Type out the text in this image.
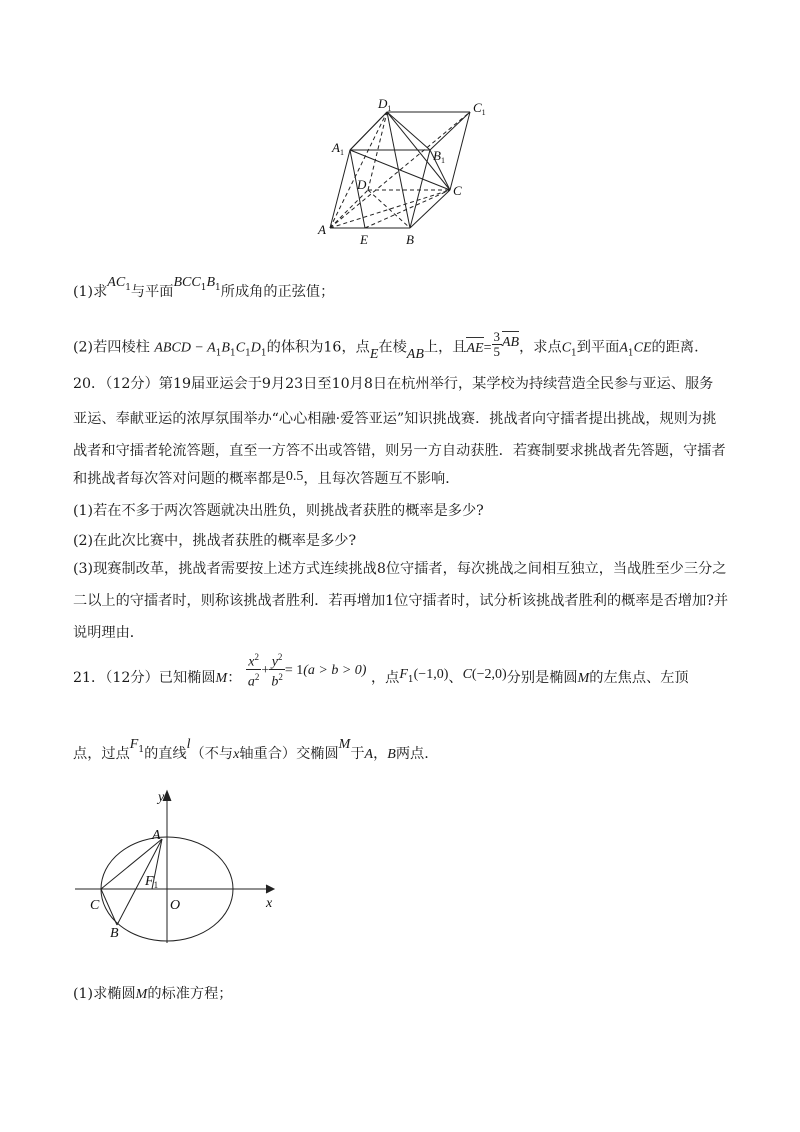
$D_1$	$C_1$
$A_1$	$B_1$
D	C
A
E	B
(1)求$AC_1$与平面$BCC_1B_1$所成角的正弦值；
(2)若四棱柱 ABCD − $A_1B_1C_1D_1$的体积为16，点E在棱AB上，且$AE= \frac{3}{5}$ AB，求点$C_1$到平面$A_1CE$的距离.
20．（12分）第19届亚运会于9月23日至10月8日在杭州举行，某学校为持续营造全民参与亚运、服务
亚运、奉献亚运的浓厚氛围举办“心心相融·爱答亚运”知识挑战赛．挑战者向守擂者提出挑战，规则为挑
战者和守擂者轮流答题，直至一方答不出或答错，则另一方自动获胜．若赛制要求挑战者先答题，守擂者
和挑战者每次答对问题的概率都是0.5，且每次答题互不影响．
(1)若在不多于两次答题就决出胜负，则挑战者获胜的概率是多少?
(2)在此次比赛中，挑战者获胜的概率是多少?
(3)现赛制改革，挑战者需要按上述方式连续挑战8位守擂者，每次挑战之间相互独立，当战胜至少三分之
二以上的守擂者时，则称该挑战者胜利．若再增加1位守擂者时，试分析该挑战者胜利的概率是否增加?并
说明理由．
21．（12分）已知椭圆M： $\frac{x^2}{a^2} + \frac{y^2}{b^2} = 1(a > b > 0)$ ，点$F_1(-1,0)$、C(−2,0)分别是椭圆M的左焦点、左顶
点，过点$F_1$的直线l（不与x轴重合）交椭圆M于A，B两点.
y
x
A
$F_1$
C	O
B
(1)求椭圆M的标准方程；
